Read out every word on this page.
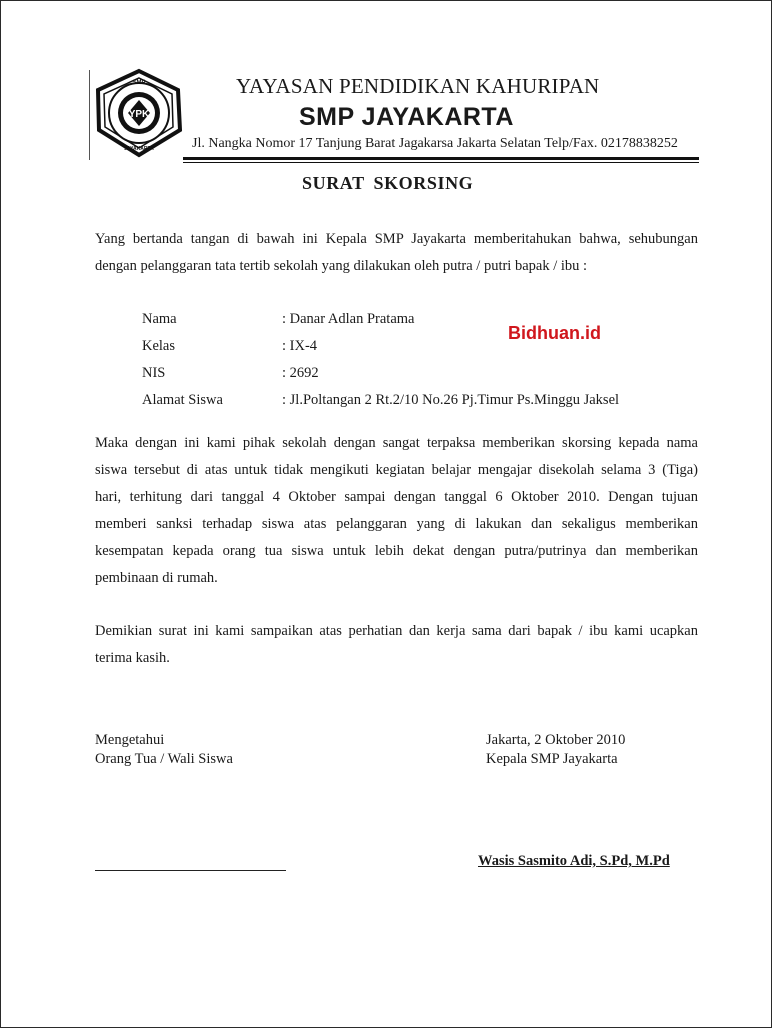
YPK
SMP
JAYAKARTA
YAYASAN PENDIDIKAN KAHURIPAN
SMP JAYAKARTA
Jl. Nangka Nomor 17 Tanjung Barat Jagakarsa Jakarta Selatan Telp/Fax. 02178838252
SURAT SKORSING
Yang bertanda tangan di bawah ini Kepala SMP Jayakarta memberitahukan bahwa, sehubungan
dengan pelanggaran tata tertib sekolah yang dilakukan oleh putra / putri bapak / ibu :
Nama	: Danar Adlan Pratama
Kelas	: IX-4
NIS	: 2692
Alamat Siswa	: Jl.Poltangan 2 Rt.2/10 No.26 Pj.Timur Ps.Minggu Jaksel
Bidhuan.id
Maka dengan ini kami pihak sekolah dengan sangat terpaksa memberikan skorsing kepada nama
siswa tersebut di atas untuk tidak mengikuti kegiatan belajar mengajar disekolah selama 3 (Tiga)
hari, terhitung dari tanggal 4 Oktober sampai dengan tanggal 6 Oktober 2010. Dengan tujuan
memberi sanksi terhadap siswa atas pelanggaran yang di lakukan dan sekaligus memberikan
kesempatan kepada orang tua siswa untuk lebih dekat dengan putra/putrinya dan memberikan
pembinaan di rumah.
Demikian surat ini kami sampaikan atas perhatian dan kerja sama dari bapak / ibu kami ucapkan
terima kasih.
Mengetahui
Orang Tua / Wali Siswa
Jakarta, 2 Oktober 2010
Kepala SMP Jayakarta
Wasis Sasmito Adi, S.Pd, M.Pd
